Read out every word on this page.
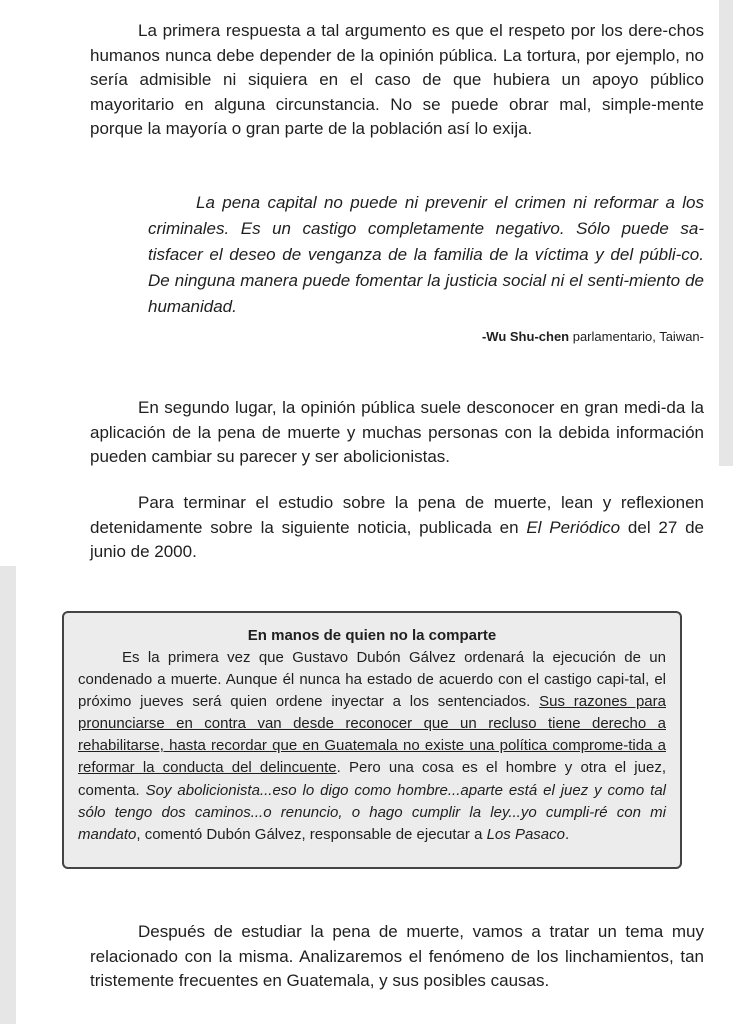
La primera respuesta a tal argumento es que el respeto por los dere-chos humanos nunca debe depender de la opinión pública. La tortura, por ejemplo, no sería admisible ni siquiera en el caso de que hubiera un apoyo público mayoritario en alguna circunstancia. No se puede obrar mal, simple-mente porque la mayoría o gran parte de la población así lo exija.

La pena capital no puede ni prevenir el crimen ni reformar a los criminales. Es un castigo completamente negativo. Sólo puede sa-tisfacer el deseo de venganza de la familia de la víctima y del públi-co. De ninguna manera puede fomentar la justicia social ni el senti-miento de humanidad.

-Wu Shu-chen parlamentario, Taiwan-

En segundo lugar, la opinión pública suele desconocer en gran medi-da la aplicación de la pena de muerte y muchas personas con la debida información pueden cambiar su parecer y ser abolicionistas.

Para terminar el estudio sobre la pena de muerte, lean y reflexionen detenidamente sobre la siguiente noticia, publicada en El Periódico del 27 de junio de 2000.

En manos de quien no la comparte

Es la primera vez que Gustavo Dubón Gálvez ordenará la ejecución de un condenado a muerte. Aunque él nunca ha estado de acuerdo con el castigo capi-tal, el próximo jueves será quien ordene inyectar a los sentenciados. Sus razones para pronunciarse en contra van desde reconocer que un recluso tiene derecho a rehabilitarse, hasta recordar que en Guatemala no existe una política comprome-tida a reformar la conducta del delincuente. Pero una cosa es el hombre y otra el juez, comenta. Soy abolicionista...eso lo digo como hombre...aparte está el juez y como tal sólo tengo dos caminos...o renuncio, o hago cumplir la ley...yo cumpli-ré con mi mandato, comentó Dubón Gálvez, responsable de ejecutar a Los Pasaco.

Después de estudiar la pena de muerte, vamos a tratar un tema muy relacionado con la misma. Analizaremos el fenómeno de los linchamientos, tan tristemente frecuentes en Guatemala, y sus posibles causas.
